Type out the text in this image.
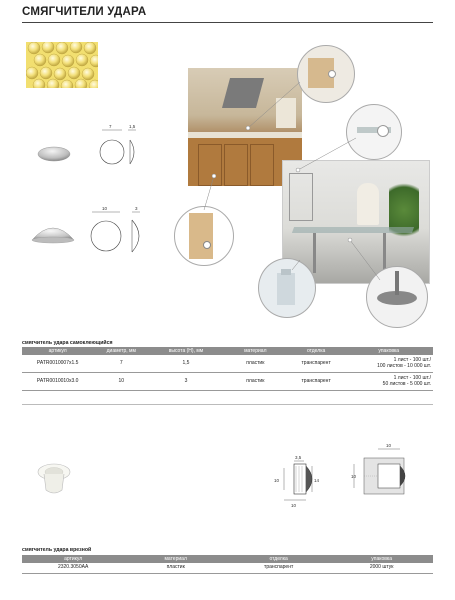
СМЯГЧИТЕЛИ УДАРА
7	1,5
10	3
смягчитель удара самоклеющийся
артикул	диаметр, мм	высота (Н), мм	материал	отделка	упаковка
PATR0010007х1.5	7	1,5	пластик	трaнспарент	1 лист - 100 шт./
100 листов - 10 000 шт.

PATR0010010х3.0	10	3	пластик	транспарент	1 лист - 100 шт./
50 листов - 5 000 шт.
3,5
10	14
10
10
10
смягчитель удара врезной
артикул	материал	отделка	упаковка
2320.3050АА	пластик	транспарент	2000 штук
